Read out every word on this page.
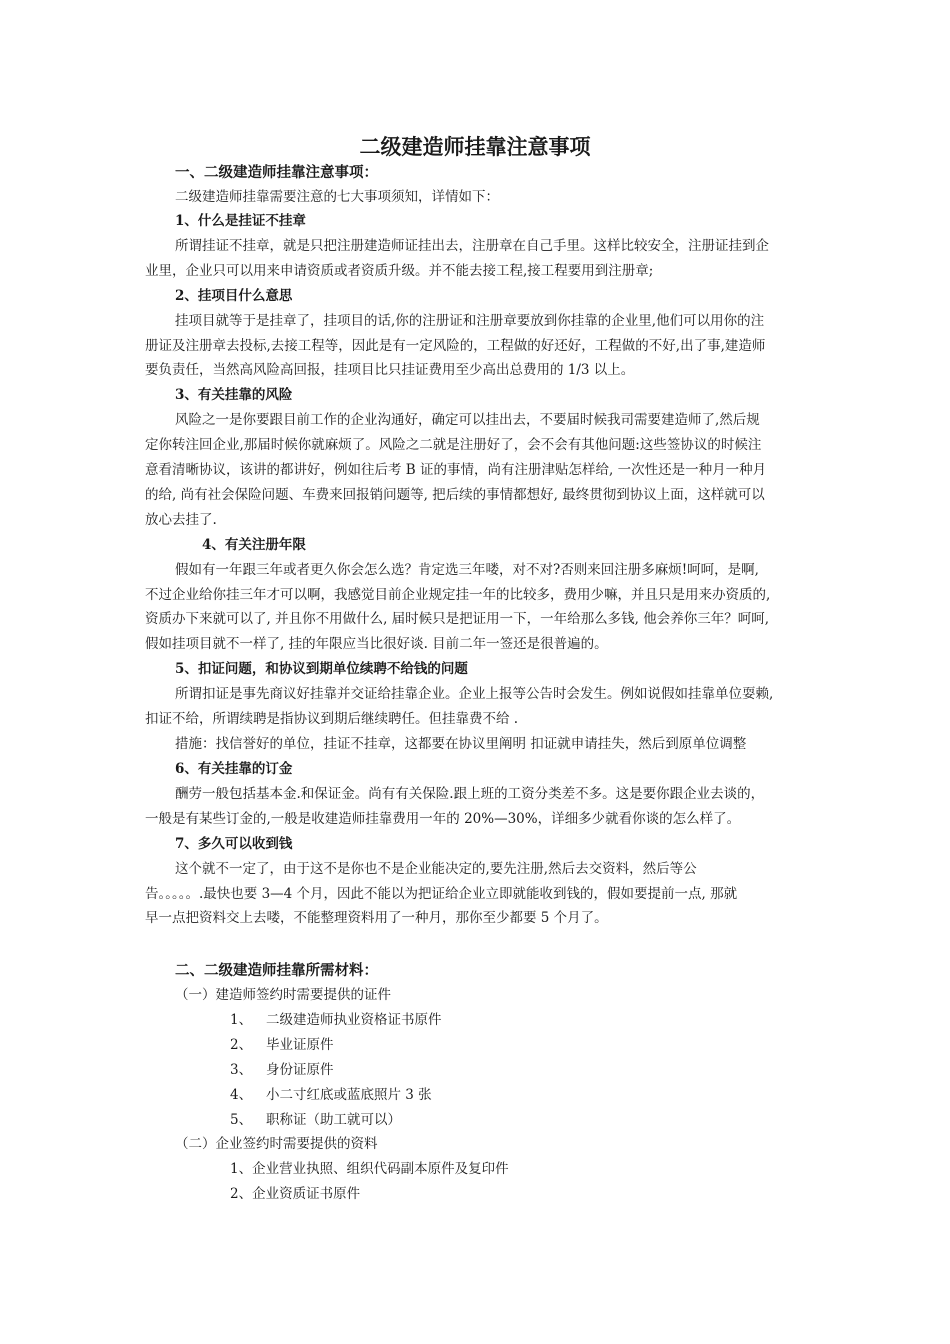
二级建造师挂靠注意事项
一、二级建造师挂靠注意事项：
二级建造师挂靠需要注意的七大事项须知，详情如下：
1、什么是挂证不挂章
所谓挂证不挂章，就是只把注册建造师证挂出去，注册章在自己手里。这样比较安全，注册证挂到企
业里，企业只可以用来申请资质或者资质升级。并不能去接工程,接工程要用到注册章;
2、挂项目什么意思
挂项目就等于是挂章了，挂项目的话,你的注册证和注册章要放到你挂靠的企业里,他们可以用你的注
册证及注册章去投标,去接工程等，因此是有一定风险的，工程做的好还好，工程做的不好,出了事,建造师
要负责任，当然高风险高回报，挂项目比只挂证费用至少高出总费用的 1/3 以上。
3、有关挂靠的风险
风险之一是你要跟目前工作的企业沟通好，确定可以挂出去，不要届时候我司需要建造师了,然后规
定你转注回企业,那届时候你就麻烦了。风险之二就是注册好了，会不会有其他问题:这些签协议的时候注
意看清晰协议，该讲的都讲好，例如往后考 B 证的事情，尚有注册津贴怎样给, 一次性还是一种月一种月
的给, 尚有社会保险问题、车费来回报销问题等, 把后续的事情都想好, 最终贯彻到协议上面，这样就可以
放心去挂了.
4、有关注册年限
假如有一年跟三年或者更久你会怎么选？肯定选三年喽，对不对?否则来回注册多麻烦!呵呵，是啊,
不过企业给你挂三年才可以啊，我感觉目前企业规定挂一年的比较多，费用少嘛，并且只是用来办资质的,
资质办下来就可以了, 并且你不用做什么, 届时候只是把证用一下，一年给那么多钱, 他会养你三年？呵呵,
假如挂项目就不一样了, 挂的年限应当比很好谈. 目前二年一签还是很普遍的。
5、扣证问题，和协议到期单位续聘不给钱的问题
所谓扣证是事先商议好挂靠并交证给挂靠企业。企业上报等公告时会发生。例如说假如挂靠单位耍赖,
扣证不给，所谓续聘是指协议到期后继续聘任。但挂靠费不给 .
措施：找信誉好的单位，挂证不挂章，这都要在协议里阐明 扣证就申请挂失，然后到原单位调整
6、有关挂靠的订金
酬劳一般包括基本金.和保证金。尚有有关保险.跟上班的工资分类差不多。这是要你跟企业去谈的，
一般是有某些订金的,一般是收建造师挂靠费用一年的 20%—30%，详细多少就看你谈的怎么样了。
7、多久可以收到钱
这个就不一定了，由于这不是你也不是企业能决定的,要先注册,然后去交资料，然后等公
告。。。。。.最快也要 3—4 个月，因此不能以为把证给企业立即就能收到钱的，假如要提前一点, 那就
早一点把资料交上去喽，不能整理资料用了一种月，那你至少都要 5 个月了。
二、二级建造师挂靠所需材料：
（一）建造师签约时需要提供的证件
1、	二级建造师执业资格证书原件
2、	毕业证原件
3、	身份证原件
4、	小二寸红底或蓝底照片 3 张
5、	职称证（助工就可以）
（二）企业签约时需要提供的资料
1、企业营业执照、组织代码副本原件及复印件
2、企业资质证书原件
